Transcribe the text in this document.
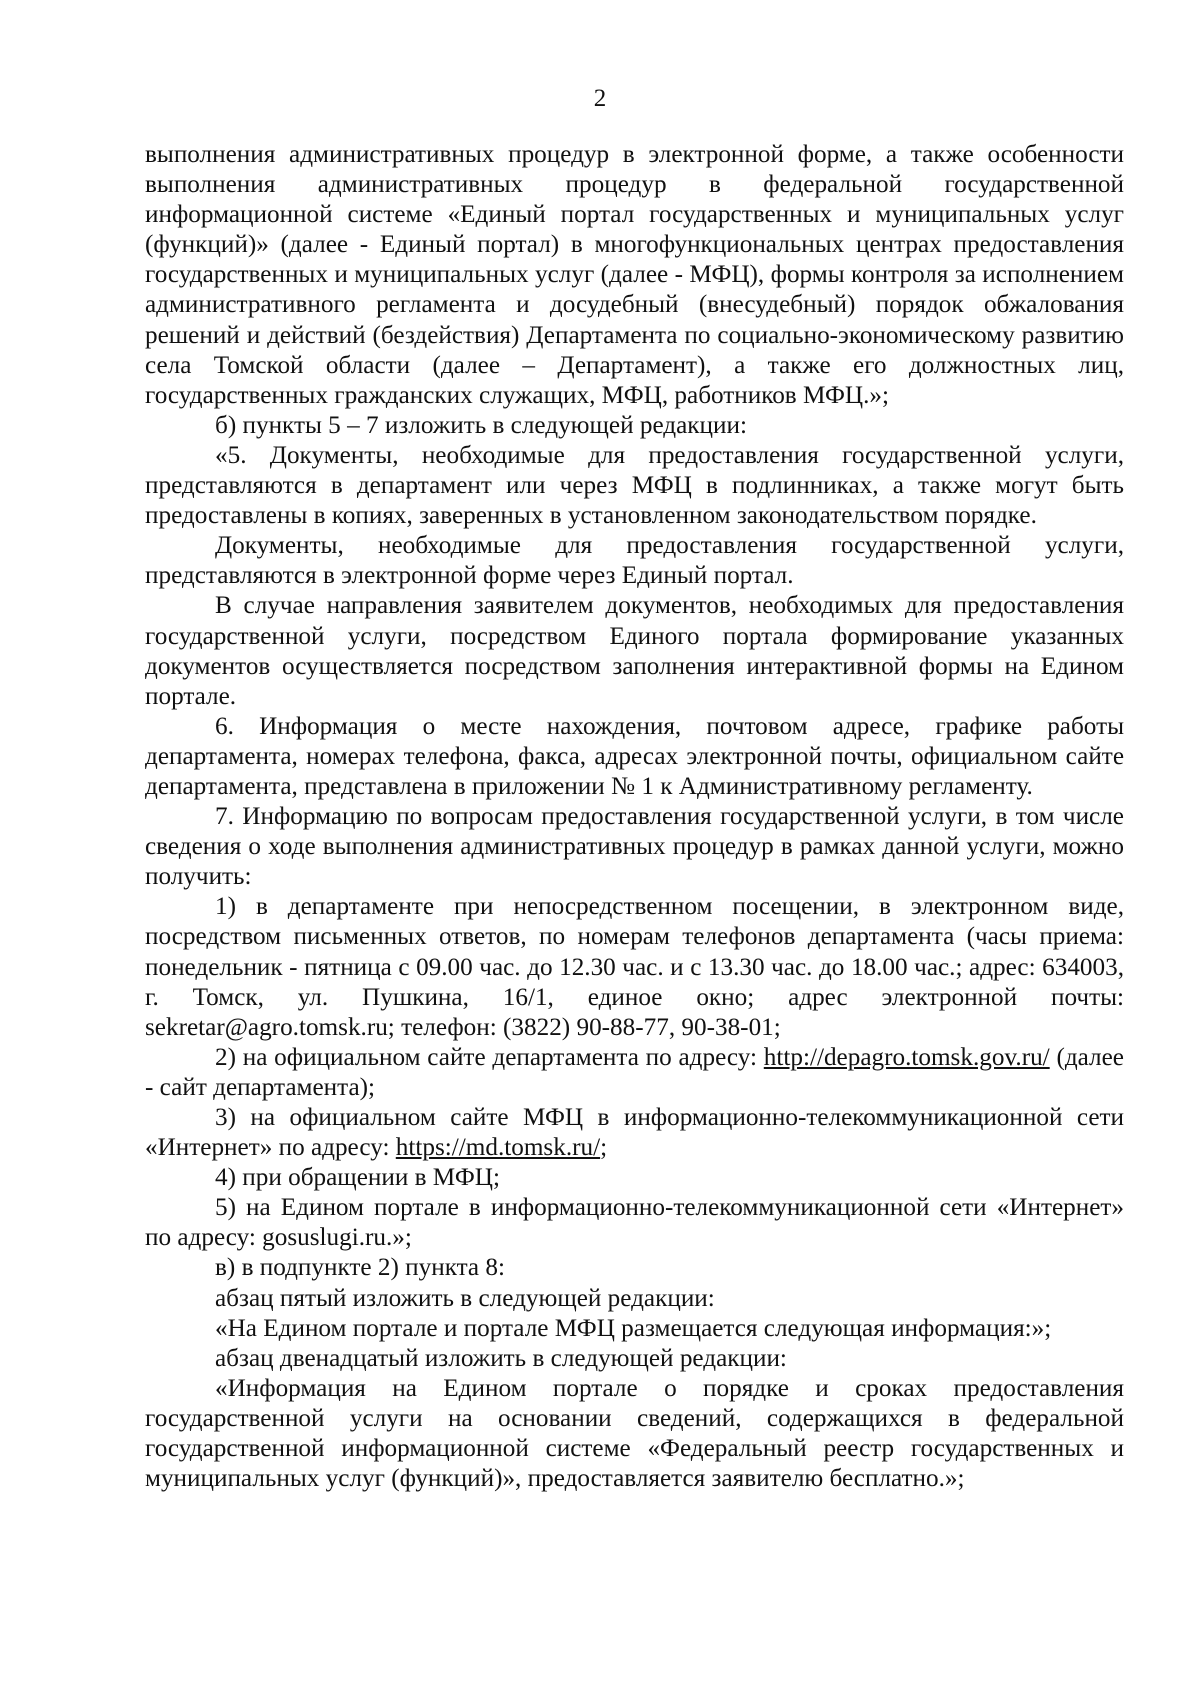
2

выполнения административных процедур в электронной форме, а также особенности выполнения административных процедур в федеральной государственной информационной системе «Единый портал государственных и муниципальных услуг (функций)» (далее - Единый портал) в многофункциональных центрах предоставления государственных и муниципальных услуг (далее - МФЦ), формы контроля за исполнением административного регламента и досудебный (внесудебный) порядок обжалования решений и действий (бездействия) Департамента по социально-экономическому развитию села Томской области (далее – Департамент), а также его должностных лиц, государственных гражданских служащих, МФЦ, работников МФЦ.»;

б) пункты 5 – 7 изложить в следующей редакции:

«5. Документы, необходимые для предоставления государственной услуги, представляются в департамент или через МФЦ в подлинниках, а также могут быть предоставлены в копиях, заверенных в установленном законодательством порядке.

Документы, необходимые для предоставления государственной услуги, представляются в электронной форме через Единый портал.

В случае направления заявителем документов, необходимых для предоставления государственной услуги, посредством Единого портала формирование указанных документов осуществляется посредством заполнения интерактивной формы на Едином портале.

6. Информация о месте нахождения, почтовом адресе, графике работы департамента, номерах телефона, факса, адресах электронной почты, официальном сайте департамента, представлена в приложении № 1 к Административному регламенту.

7. Информацию по вопросам предоставления государственной услуги, в том числе сведения о ходе выполнения административных процедур в рамках данной услуги, можно получить:

1) в департаменте при непосредственном посещении, в электронном виде, посредством письменных ответов, по номерам телефонов департамента (часы приема: понедельник - пятница с 09.00 час. до 12.30 час. и с 13.30 час. до 18.00 час.; адрес: 634003, г. Томск, ул. Пушкина, 16/1, единое окно; адрес электронной почты: sekretar@agro.tomsk.ru; телефон: (3822) 90-88-77, 90-38-01;

2) на официальном сайте департамента по адресу: http://depagro.tomsk.gov.ru/ (далее - сайт департамента);

3) на официальном сайте МФЦ в информационно-телекоммуникационной сети «Интернет» по адресу: https://md.tomsk.ru/;

4) при обращении в МФЦ;

5) на Едином портале в информационно-телекоммуникационной сети «Интернет» по адресу: gosuslugi.ru.»;

в) в подпункте 2) пункта 8:

абзац пятый изложить в следующей редакции:

«На Едином портале и портале МФЦ размещается следующая информация:»;

абзац двенадцатый изложить в следующей редакции:

«Информация на Едином портале о порядке и сроках предоставления государственной услуги на основании сведений, содержащихся в федеральной государственной информационной системе «Федеральный реестр государственных и муниципальных услуг (функций)», предоставляется заявителю бесплатно.»;
